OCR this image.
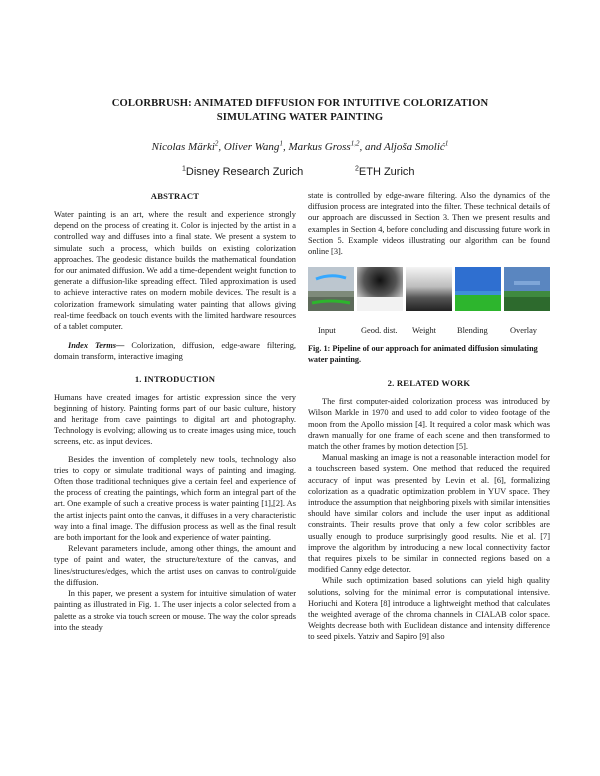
COLORBRUSH: ANIMATED DIFFUSION FOR INTUITIVE COLORIZATION
SIMULATING WATER PAINTING
Nicolas Märki$^2$, Oliver Wang$^1$, Markus Gross$^{1,2}$, and Aljoša Smolić$^1$
$^1$Disney Research Zurich	$^2$ETH Zurich
ABSTRACT

Water painting is an art, where the result and experience strongly depend on the process of creating it. Color is injected by the artist in a controlled way and diffuses into a final state. We present a system to simulate such a process, which builds on existing colorization approaches. The geodesic distance builds the mathematical foundation for our animated diffusion. We add a time-dependent weight function to generate a diffusion-like spreading effect. Tiled approximation is used to achieve interactive rates on modern mobile devices. The result is a colorization framework simulating water painting that allows giving real-time feedback on touch events with the limited hardware resources of a tablet computer.

Index Terms— Colorization, diffusion, edge-aware filtering, domain transform, interactive imaging

1. INTRODUCTION

Humans have created images for artistic expression since the very beginning of history. Painting forms part of our basic culture, history and heritage from cave paintings to digital art and photography. Technology is evolving; allowing us to create images using mice, touch screens, etc. as input devices.

Besides the invention of completely new tools, technology also tries to copy or simulate traditional ways of painting and imaging. Often those traditional techniques give a certain feel and experience of the process of creating the paintings, which form an integral part of the art. One example of such a creative process is water painting [1],[2]. As the artist injects paint onto the canvas, it diffuses in a very characteristic way into a final image. The diffusion process as well as the final result are both important for the look and experience of water painting.

Relevant parameters include, among other things, the amount and type of paint and water, the structure/texture of the canvas, and lines/structures/edges, which the artist uses on canvas to control/guide the diffusion.

In this paper, we present a system for intuitive simulation of water painting as illustrated in Fig. 1. The user injects a color selected from a palette as a stroke via touch screen or mouse. The way the color spreads into the steady

state is controlled by edge-aware filtering. Also the dynamics of the diffusion process are integrated into the filter. These technical details of our approach are discussed in Section 3. Then we present results and examples in Section 4, before concluding and discussing future work in Section 5. Example videos illustrating our algorithm can be found online [3].

Input	Geod. dist. Weight	Blending	Overlay
Fig. 1: Pipeline of our approach for animated diffusion simulating water painting.
2. RELATED WORK

The first computer-aided colorization process was introduced by Wilson Markle in 1970 and used to add color to video footage of the moon from the Apollo mission [4]. It required a color mask which was drawn manually for one frame of each scene and then transformed to match the other frames by motion detection [5].

Manual masking an image is not a reasonable interaction model for a touchscreen based system. One method that reduced the required accuracy of input was presented by Levin et al. [6], formalizing colorization as a quadratic optimization problem in YUV space. They introduce the assumption that neighboring pixels with similar intensities should have similar colors and include the user input as additional constraints. Their results prove that only a few color scribbles are usually enough to produce surprisingly good results. Nie et al. [7] improve the algorithm by introducing a new local connectivity factor that requires pixels to be similar in connected regions based on a modified Canny edge detector.

While such optimization based solutions can yield high quality solutions, solving for the minimal error is computational intensive. Horiuchi and Kotera [8] introduce a lightweight method that calculates the weighted average of the chroma channels in CIALAB color space. Weights decrease both with Euclidean distance and intensity difference to seed pixels. Yatziv and Sapiro [9] also
